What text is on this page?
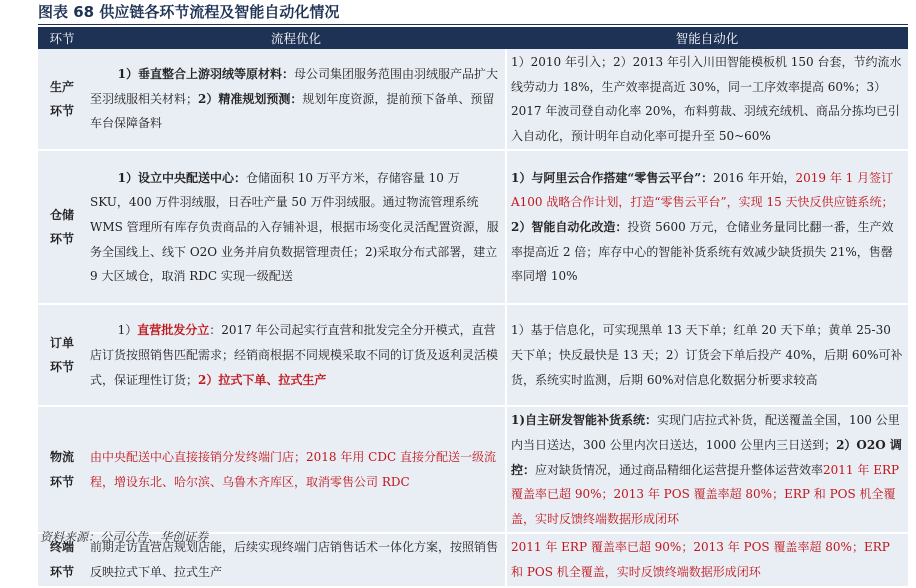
图表 68 供应链各环节流程及智能自动化情况
环节	流程优化	智能自动化

生产
环节	1）垂直整合上游羽绒等原材料：母公司集团服务范围由羽绒服产品扩大至羽绒服相关材料；2）精准规划预测：规划年度资源，提前预下备单、预留车台保障备料	1）2010 年引入；2）2013 年引入川田智能模板机 150 台套，节约流水线劳动力 18%，生产效率提高近 30%，同一工序效率提高 60%；3）2017 年波司登自动化率 20%，布料剪裁、羽绒充绒机、商品分拣均已引入自动化，预计明年自动化率可提升至 50~60%

仓储
环节	1）设立中央配送中心：仓储面积 10 万平方米，存储容量 10 万 SKU，400 万件羽绒服，日吞吐产量 50 万件羽绒服。通过物流管理系统 WMS 管理所有库存负责商品的入存铺补退，根据市场变化灵活配置资源，服务全国线上、线下 O2O 业务并肩负数据管理责任；2)采取分布式部署，建立 9 大区域仓，取消 RDC 实现一级配送	1）与阿里云合作搭建“零售云平台”：2016 年开始，2019 年 1 月签订 A100 战略合作计划，打造“零售云平台”，实现 15 天快反供应链系统；2）智能自动化改造：投资 5600 万元，仓储业务量同比翻一番，生产效率提高近 2 倍；库存中心的智能补货系统有效减少缺货损失 21%，售罄率同增 10%

订单
环节	1）直营批发分立：2017 年公司起实行直营和批发完全分开模式，直营店订货按照销售匹配需求；经销商根据不同规模采取不同的订货及返利灵活模式，保证理性订货；2）拉式下单、拉式生产	1）基于信息化，可实现黑单 13 天下单；红单 20 天下单；黄单 25-30 天下单；快反最快是 13 天；2）订货会下单后投产 40%，后期 60%可补货，系统实时监测，后期 60%对信息化数据分析要求较高

物流
环节	由中央配送中心直接接销分发终端门店；2018 年用 CDC 直接分配送一级流程，增设东北、哈尔滨、乌鲁木齐库区，取消零售公司 RDC	1)自主研发智能补货系统：实现门店拉式补货，配送覆盖全国，100 公里内当日送达，300 公里内次日送达，1000 公里内三日送到；2）O2O 调控：应对缺货情况，通过商品精细化运营提升整体运营效率2011 年 ERP 覆盖率已超 90%；2013 年 POS 覆盖率超 80%；ERP 和 POS 机全覆盖，实时反馈终端数据形成闭环

终端
环节	前期走访直营店规划店能，后续实现终端门店销售话术一体化方案，按照销售反映拉式下单、拉式生产	2011 年 ERP 覆盖率已超 90%；2013 年 POS 覆盖率超 80%；ERP 和 POS 机全覆盖，实时反馈终端数据形成闭环
资料来源：公司公告、华创证券
